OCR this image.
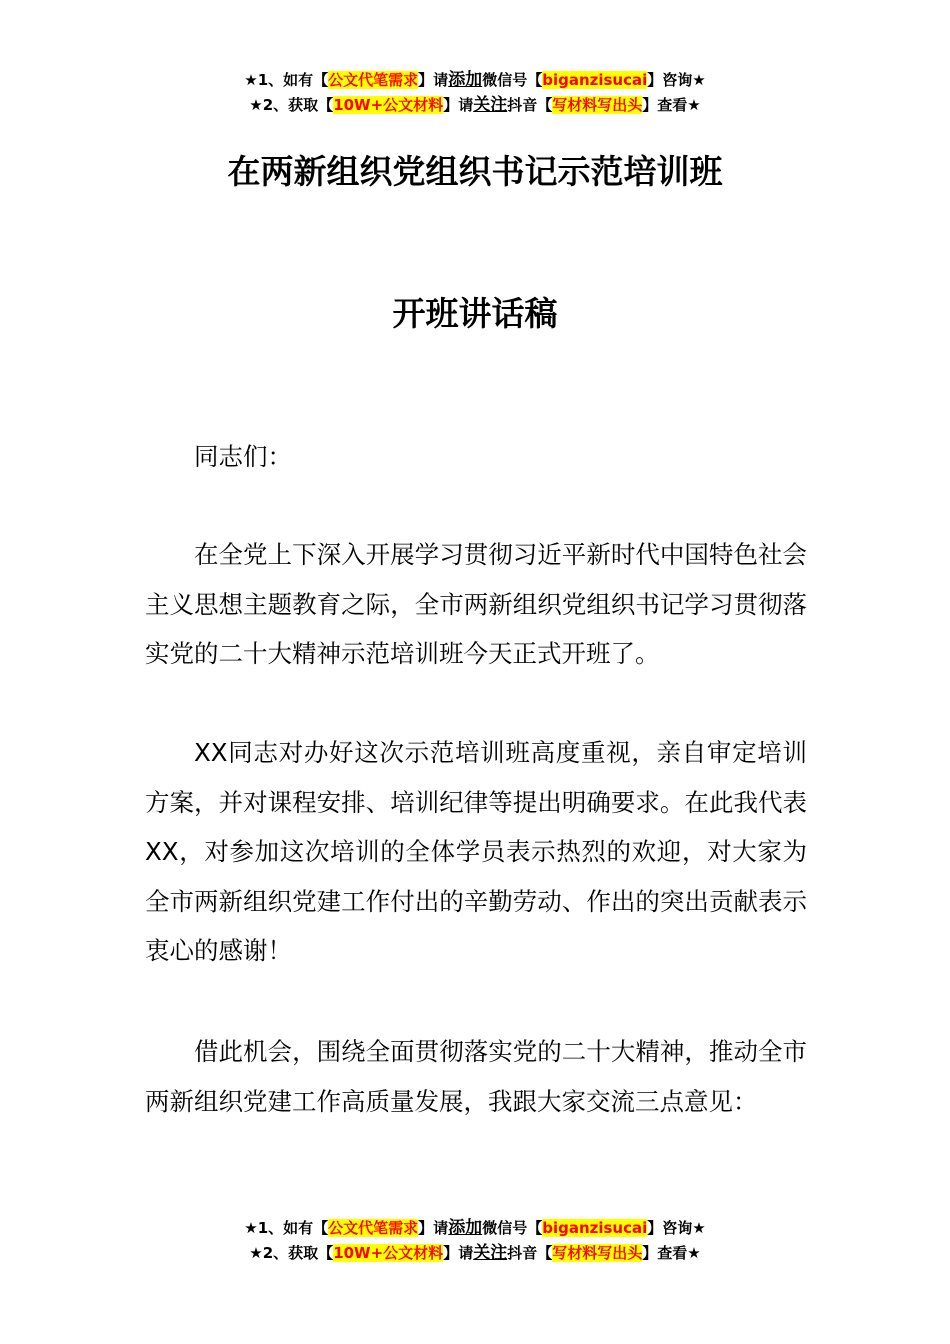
★1、如有【公文代笔需求】请添加微信号【biganzisucai】咨询★
★2、获取【10W+公文材料】请关注抖音【写材料写出头】查看★
在两新组织党组织书记示范培训班
开班讲话稿

同志们：

在全党上下深入开展学习贯彻习近平新时代中国特色社会主义思想主题教育之际，全市两新组织党组织书记学习贯彻落实党的二十大精神示范培训班今天正式开班了。

XX同志对办好这次示范培训班高度重视，亲自审定培训方案，并对课程安排、培训纪律等提出明确要求。在此我代表XX，对参加这次培训的全体学员表示热烈的欢迎，对大家为全市两新组织党建工作付出的辛勤劳动、作出的突出贡献表示衷心的感谢！

借此机会，围绕全面贯彻落实党的二十大精神，推动全市两新组织党建工作高质量发展，我跟大家交流三点意见：

★1、如有【公文代笔需求】请添加微信号【biganzisucai】咨询★
★2、获取【10W+公文材料】请关注抖音【写材料写出头】查看★
